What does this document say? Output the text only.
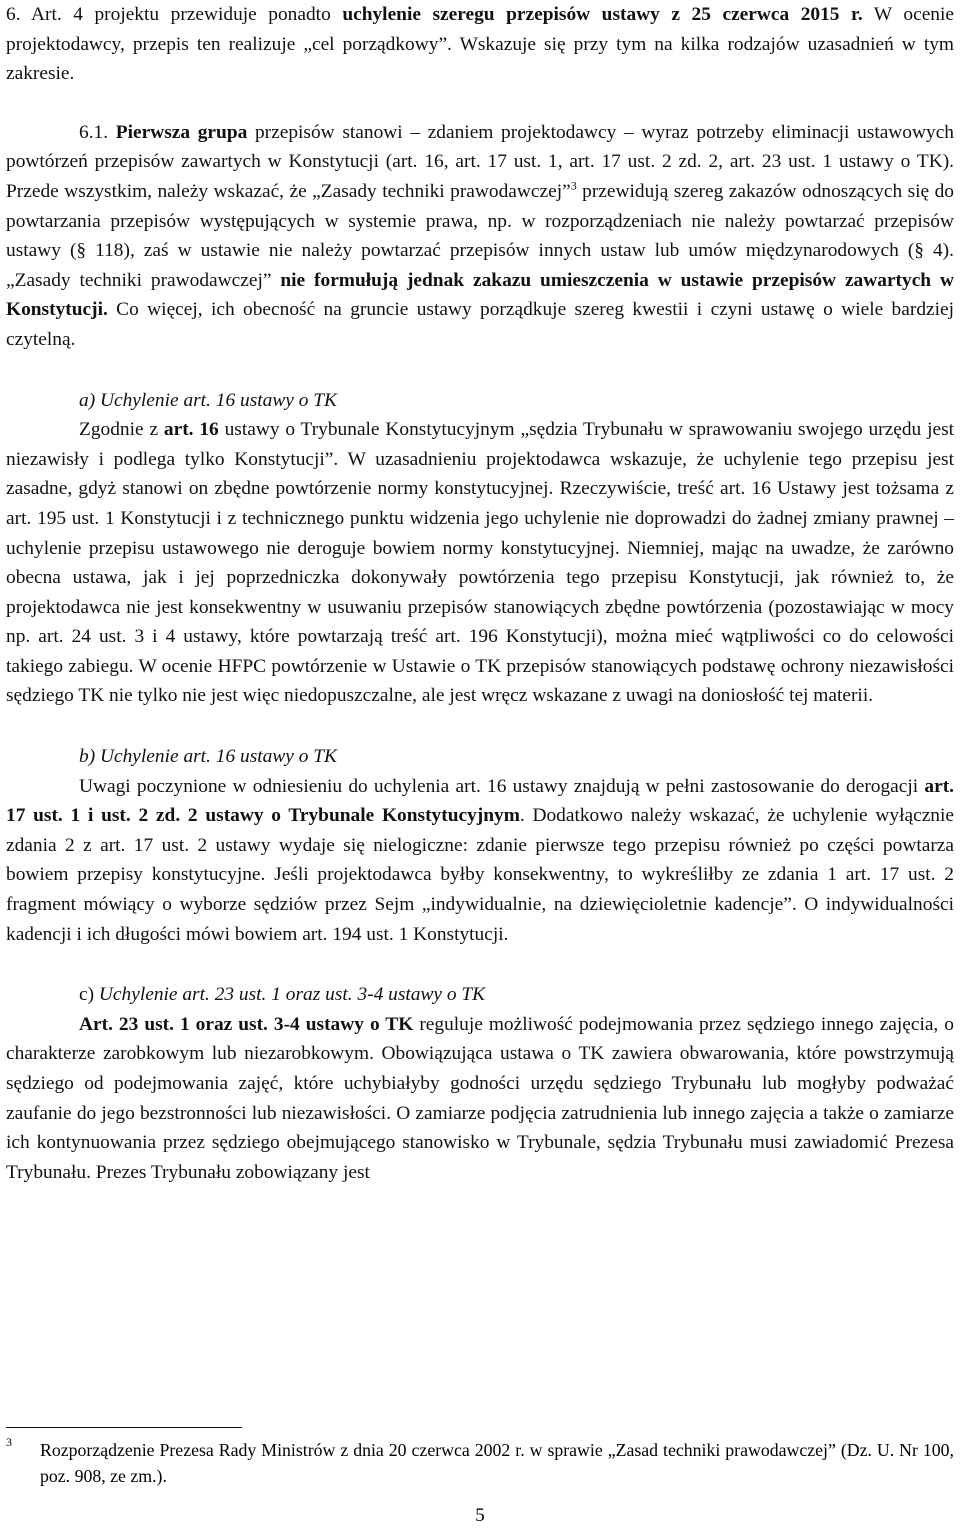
6. Art. 4 projektu przewiduje ponadto uchylenie szeregu przepisów ustawy z 25 czerwca 2015 r. W ocenie projektodawcy, przepis ten realizuje „cel porządkowy”. Wskazuje się przy tym na kilka rodzajów uzasadnień w tym zakresie.

6.1. Pierwsza grupa przepisów stanowi – zdaniem projektodawcy – wyraz potrzeby eliminacji ustawowych powtórzeń przepisów zawartych w Konstytucji (art. 16, art. 17 ust. 1, art. 17 ust. 2 zd. 2, art. 23 ust. 1 ustawy o TK). Przede wszystkim, należy wskazać, że „Zasady techniki prawodawczej”$^3$ przewidują szereg zakazów odnoszących się do powtarzania przepisów występujących w systemie prawa, np. w rozporządzeniach nie należy powtarzać przepisów ustawy (§ 118), zaś w ustawie nie należy powtarzać przepisów innych ustaw lub umów międzynarodowych (§ 4). „Zasady techniki prawodawczej” nie formułują jednak zakazu umieszczenia w ustawie przepisów zawartych w Konstytucji. Co więcej, ich obecność na gruncie ustawy porządkuje szereg kwestii i czyni ustawę o wiele bardziej czytelną.

a) Uchylenie art. 16 ustawy o TK

Zgodnie z art. 16 ustawy o Trybunale Konstytucyjnym „sędzia Trybunału w sprawowaniu swojego urzędu jest niezawisły i podlega tylko Konstytucji”. W uzasadnieniu projektodawca wskazuje, że uchylenie tego przepisu jest zasadne, gdyż stanowi on zbędne powtórzenie normy konstytucyjnej. Rzeczywiście, treść art. 16 Ustawy jest tożsama z art. 195 ust. 1 Konstytucji i z technicznego punktu widzenia jego uchylenie nie doprowadzi do żadnej zmiany prawnej – uchylenie przepisu ustawowego nie deroguje bowiem normy konstytucyjnej. Niemniej, mając na uwadze, że zarówno obecna ustawa, jak i jej poprzedniczka dokonywały powtórzenia tego przepisu Konstytucji, jak również to, że projektodawca nie jest konsekwentny w usuwaniu przepisów stanowiących zbędne powtórzenia (pozostawiając w mocy np. art. 24 ust. 3 i 4 ustawy, które powtarzają treść art. 196 Konstytucji), można mieć wątpliwości co do celowości takiego zabiegu. W ocenie HFPC powtórzenie w Ustawie o TK przepisów stanowiących podstawę ochrony niezawisłości sędziego TK nie tylko nie jest więc niedopuszczalne, ale jest wręcz wskazane z uwagi na doniosłość tej materii.

b) Uchylenie art. 16 ustawy o TK

Uwagi poczynione w odniesieniu do uchylenia art. 16 ustawy znajdują w pełni zastosowanie do derogacji art. 17 ust. 1 i ust. 2 zd. 2 ustawy o Trybunale Konstytucyjnym. Dodatkowo należy wskazać, że uchylenie wyłącznie zdania 2 z art. 17 ust. 2 ustawy wydaje się nielogiczne: zdanie pierwsze tego przepisu również po części powtarza bowiem przepisy konstytucyjne. Jeśli projektodawca byłby konsekwentny, to wykreśliłby ze zdania 1 art. 17 ust. 2 fragment mówiący o wyborze sędziów przez Sejm „indywidualnie, na dziewięcioletnie kadencje”. O indywidualności kadencji i ich długości mówi bowiem art. 194 ust. 1 Konstytucji.

c) Uchylenie art. 23 ust. 1 oraz ust. 3-4 ustawy o TK

Art. 23 ust. 1 oraz ust. 3-4 ustawy o TK reguluje możliwość podejmowania przez sędziego innego zajęcia, o charakterze zarobkowym lub niezarobkowym. Obowiązująca ustawa o TK zawiera obwarowania, które powstrzymują sędziego od podejmowania zajęć, które uchybiałyby godności urzędu sędziego Trybunału lub mogłyby podważać zaufanie do jego bezstronności lub niezawisłości. O zamiarze podjęcia zatrudnienia lub innego zajęcia a także o zamiarze ich kontynuowania przez sędziego obejmującego stanowisko w Trybunale, sędzia Trybunału musi zawiadomić Prezesa Trybunału. Prezes Trybunału zobowiązany jest

3	Rozporządzenie Prezesa Rady Ministrów z dnia 20 czerwca 2002 r. w sprawie „Zasad techniki prawodawczej” (Dz. U. Nr 100, poz. 908, ze zm.).
5
